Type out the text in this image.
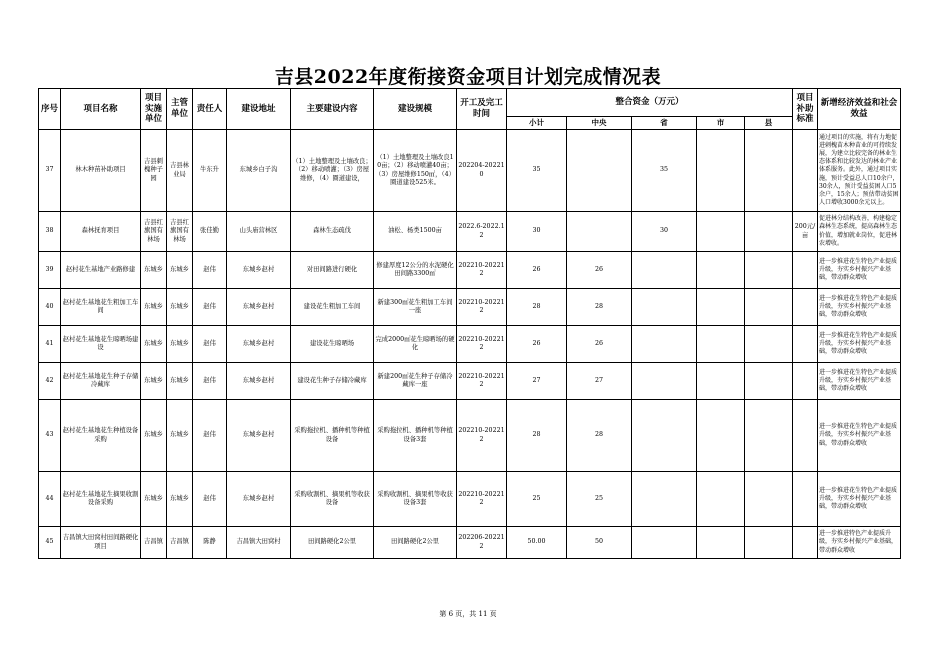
吉县2022年度衔接资金项目计划完成情况表
序号	项目名称	项目实施单位	主管单位	责任人	建设地址	主要建设内容	建设规模	开工及完工时间	整合资金（万元）					项目补助标准	新增经济效益和社会效益
									小计	中央	省	市	县		
37	林木种苗补助项目	吉县刺槐种子园	吉县林业局	牛东升	东城乡白子沟	（1）土地整理及土壤改良；（2）移动喷灌；（3）房屋维修，（4）圈道建设，	（1）土地整理及土壤改良10亩；（2）移动喷灌40亩；（3）房屋维修150㎡，（4）圈道建设525米。	202204-202210	35		35				通过项目的实施，将有力地促进刺槐苗木种苗业的可持续发展，为建立比较完备的林业生态体系和比较发达的林业产业体系服务。此外，通过项目实施，预计受益总人口10余户，30余人，预计受益贫困人口5余户，15余人；预估带动贫困人口增收3000余元以上。
38	森林抚育项目	吉县红旗国有林场	吉县红旗国有林场	张佳勤	山头庙营林区	森林生态疏伐	油松、杨类1500亩	2022.6-2022.12	30		30			200元/亩	促进林分结构改善，构建稳定森林生态系统，提高森林生态价值，增加就业岗位，促进林农增收。
39	赵村花生基地产业路修建	东城乡	东城乡	赵伟	东城乡赵村	对田间路进行硬化	修建厚度12公分的水泥硬化田间路3300㎡	202210-202212	26	26					进一步推进花生特色产业提质升级，夯实乡村振兴产业基础，带动群众增收
40	赵村花生基地花生粗加工车间	东城乡	东城乡	赵伟	东城乡赵村	建设花生粗加工车间	新建300㎡花生粗加工车间一座	202210-202212	28	28					进一步推进花生特色产业提质升级，夯实乡村振兴产业基础，带动群众增收
41	赵村花生基地花生晾晒场建设	东城乡	东城乡	赵伟	东城乡赵村	建设花生晾晒场	完成2000㎡花生晾晒场的硬化	202210-202212	26	26					进一步推进花生特色产业提质升级，夯实乡村振兴产业基础，带动群众增收
42	赵村花生基地花生种子存储冷藏库	东城乡	东城乡	赵伟	东城乡赵村	建设花生种子存储冷藏库	新建200㎡花生种子存储冷藏库一座	202210-202212	27	27					进一步推进花生特色产业提质升级，夯实乡村振兴产业基础，带动群众增收
43	赵村花生基地花生种植设备采购	东城乡	东城乡	赵伟	东城乡赵村	采购拖拉机、播种机等种植设备	采购拖拉机、播种机等种植设备3套	202210-202212	28	28					进一步推进花生特色产业提质升级，夯实乡村振兴产业基础，带动群众增收
44	赵村花生基地花生摘果收割设备采购	东城乡	东城乡	赵伟	东城乡赵村	采购收割机、摘果机等收获设备	采购收割机、摘果机等收获设备3套	202210-202212	25	25					进一步推进花生特色产业提质升级，夯实乡村振兴产业基础，带动群众增收
45	吉昌镇大田窝村田间路硬化项目	吉昌镇	吉昌镇	陈静	吉昌镇大田窝村	田间路硬化2公里	田间路硬化2公里	202206-202212	50.00	50					进一步推进特色产业提质升级，夯实乡村振兴产业基础，带动群众增收
第 6 页，共 11 页
